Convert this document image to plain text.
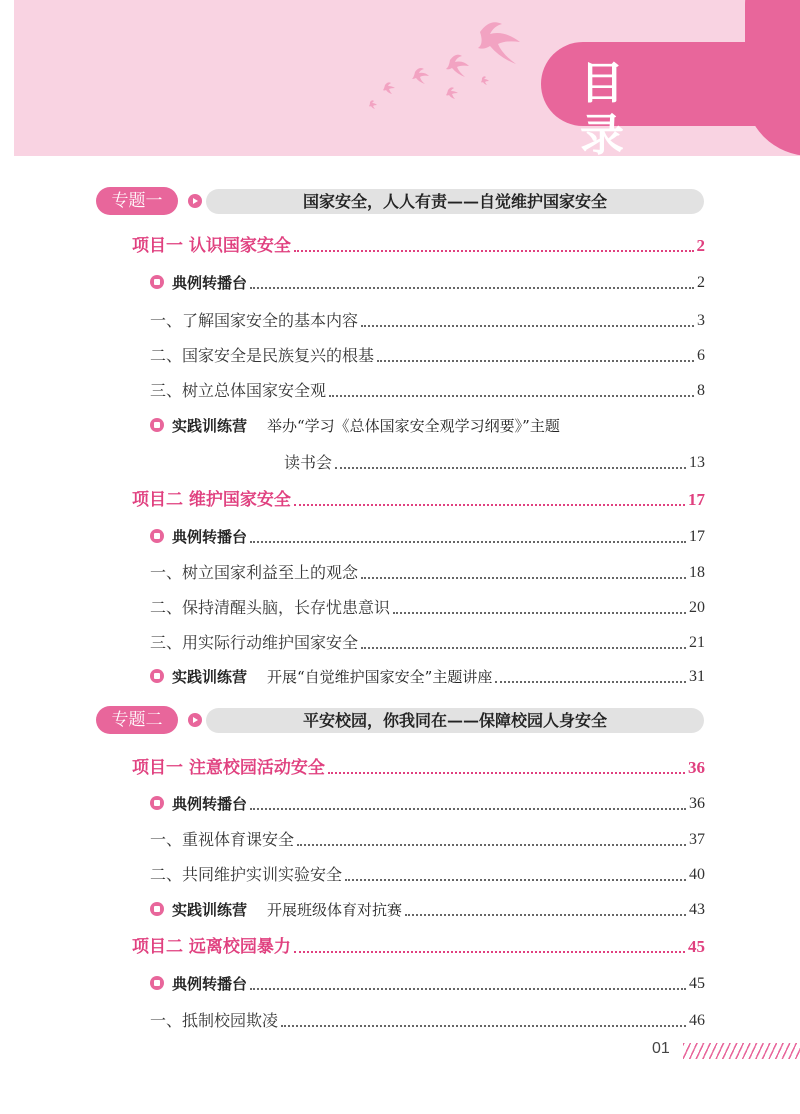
目 录
专题一	国家安全，人人有责——自觉维护国家安全
项目一 认识国家安全	2
典例转播台	2
一、了解国家安全的基本内容	3
二、国家安全是民族复兴的根基	6
三、树立总体国家安全观	8
实践训练营 举办“学习《总体国家安全观学习纲要》”主题
读书会	13
项目二 维护国家安全	17
典例转播台	17
一、树立国家利益至上的观念	18
二、保持清醒头脑，长存忧患意识	20
三、用实际行动维护国家安全	21
实践训练营 开展“自觉维护国家安全”主题讲座	31
专题二	平安校园，你我同在——保障校园人身安全
项目一 注意校园活动安全	36
典例转播台	36
一、重视体育课安全	37
二、共同维护实训实验安全	40
实践训练营 开展班级体育对抗赛	43
项目二 远离校园暴力	45
典例转播台	45
一、抵制校园欺凌	46
01
